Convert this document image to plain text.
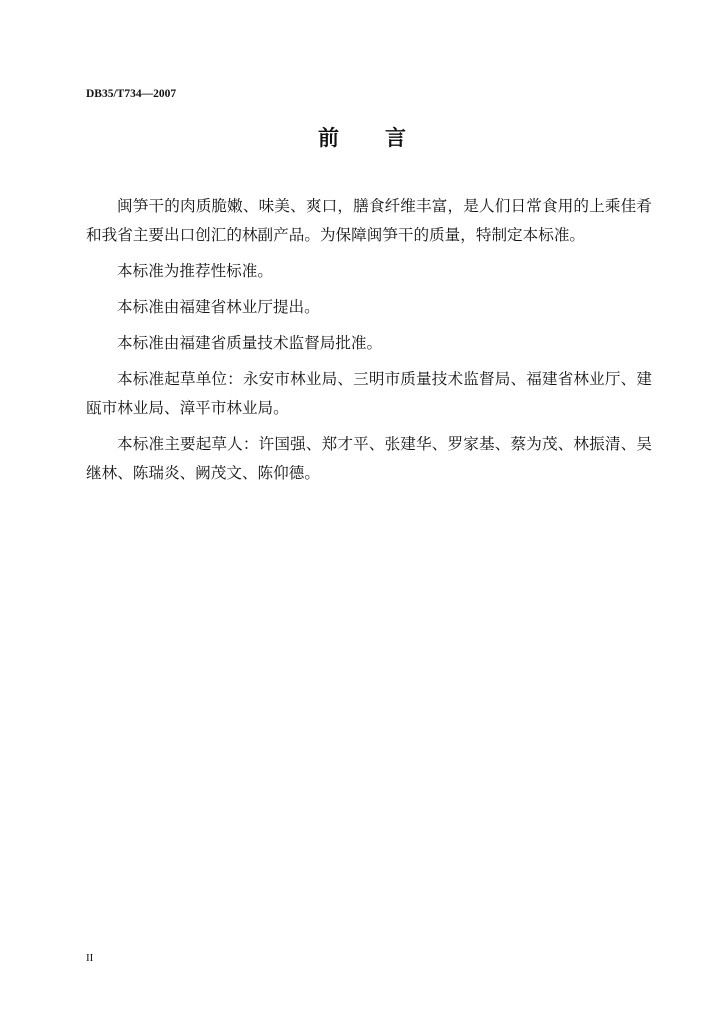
DB35/T734—2007
前 言

闽笋干的肉质脆嫩、味美、爽口，膳食纤维丰富，是人们日常食用的上乘佳肴和我省主要出口创汇的林副产品。为保障闽笋干的质量，特制定本标准。

本标准为推荐性标准。

本标准由福建省林业厅提出。

本标准由福建省质量技术监督局批准。

本标准起草单位：永安市林业局、三明市质量技术监督局、福建省林业厅、建瓯市林业局、漳平市林业局。

本标准主要起草人：许国强、郑才平、张建华、罗家基、蔡为茂、林振清、吴继林、陈瑞炎、阙茂文、陈仰德。

II
